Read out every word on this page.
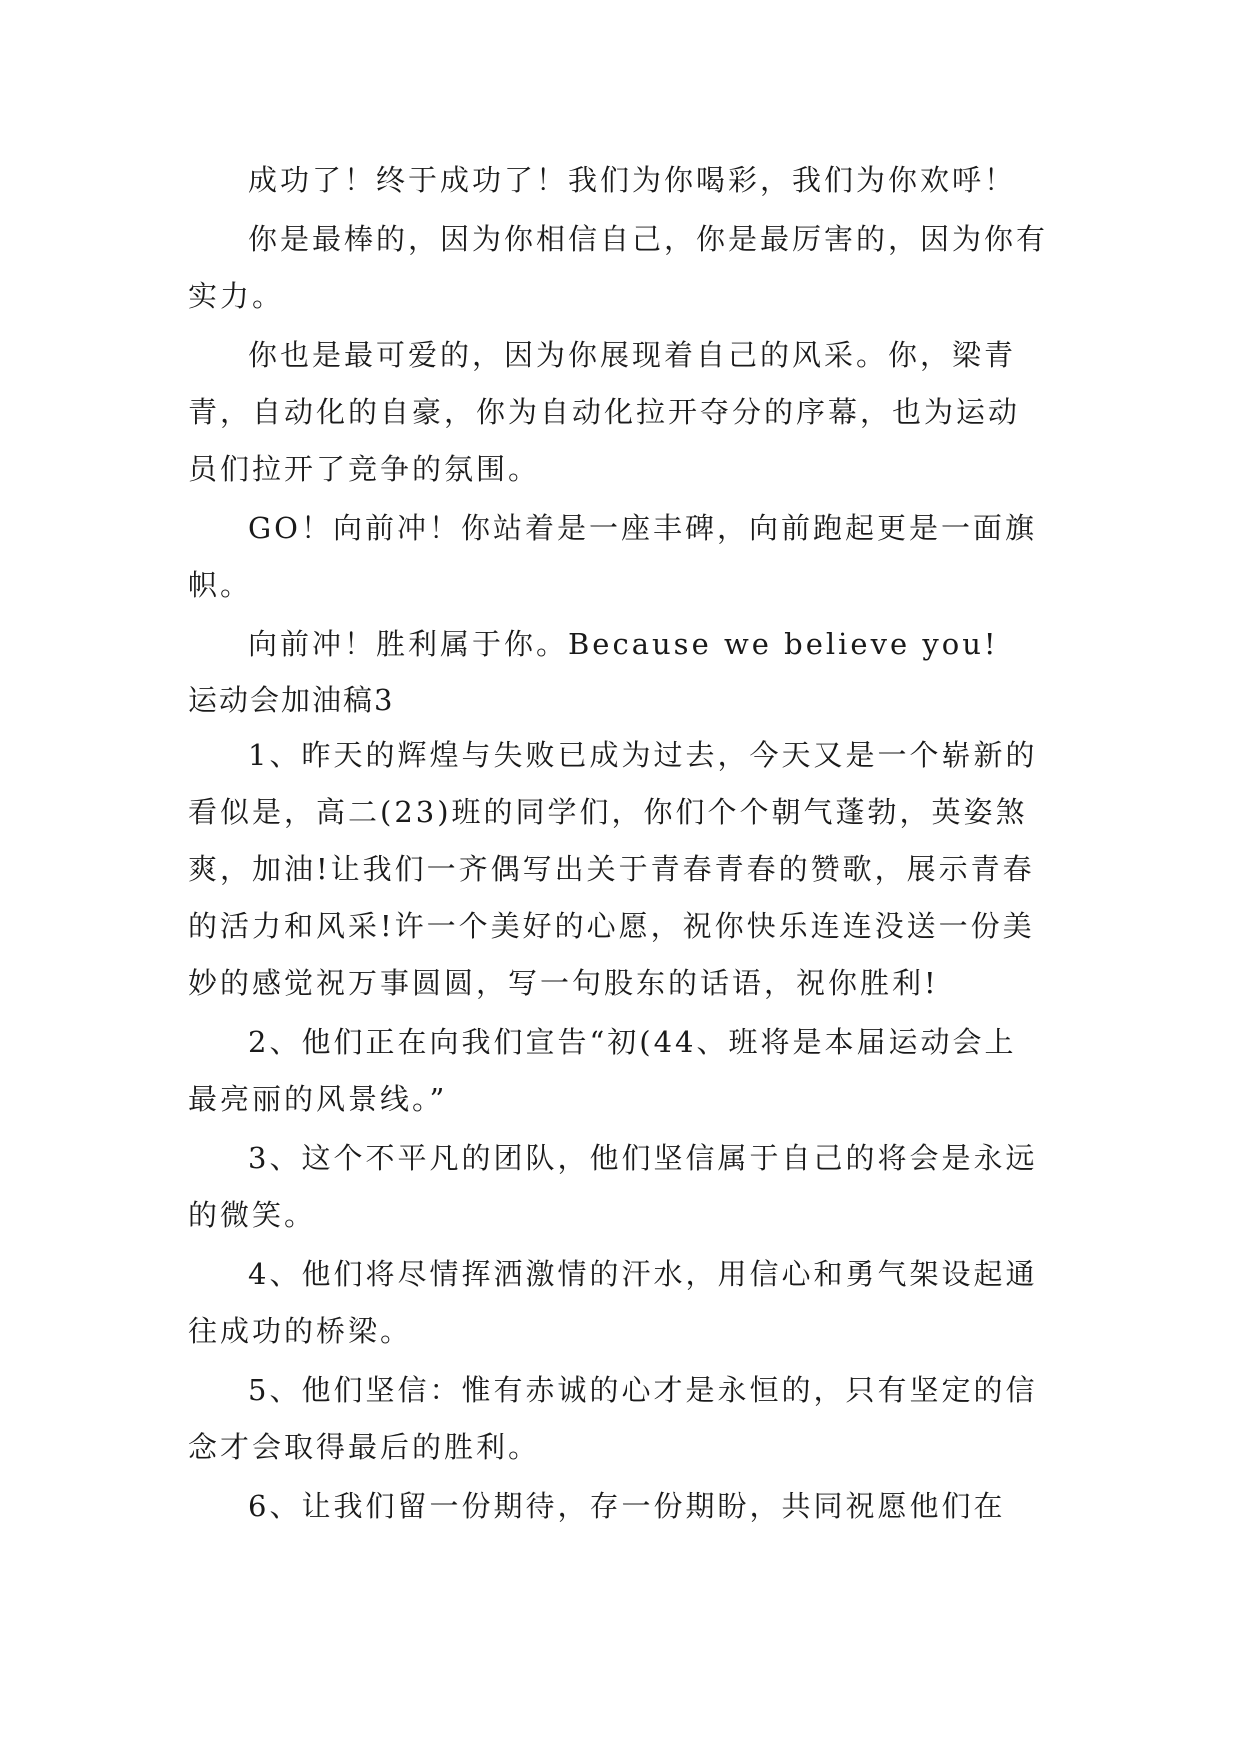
成功了！终于成功了！我们为你喝彩，我们为你欢呼！

你是最棒的，因为你相信自己，你是最厉害的，因为你有实力。

你也是最可爱的，因为你展现着自己的风采。你，梁青青，自动化的自豪，你为自动化拉开夺分的序幕，也为运动员们拉开了竞争的氛围。

GO！向前冲！你站着是一座丰碑，向前跑起更是一面旗帜。

向前冲！胜利属于你。Because we believe you!

运动会加油稿3

1、昨天的辉煌与失败已成为过去，今天又是一个崭新的看似是，高二(23)班的同学们，你们个个朝气蓬勃，英姿煞爽，加油!让我们一齐偶写出关于青春青春的赞歌，展示青春的活力和风采!许一个美好的心愿，祝你快乐连连没送一份美妙的感觉祝万事圆圆，写一句股东的话语，祝你胜利!

2、他们正在向我们宣告“初(44、班将是本届运动会上最亮丽的风景线。”

3、这个不平凡的团队，他们坚信属于自己的将会是永远的微笑。

4、他们将尽情挥洒激情的汗水，用信心和勇气架设起通往成功的桥梁。

5、他们坚信：惟有赤诚的心才是永恒的，只有坚定的信念才会取得最后的胜利。

6、让我们留一份期待，存一份期盼，共同祝愿他们在
